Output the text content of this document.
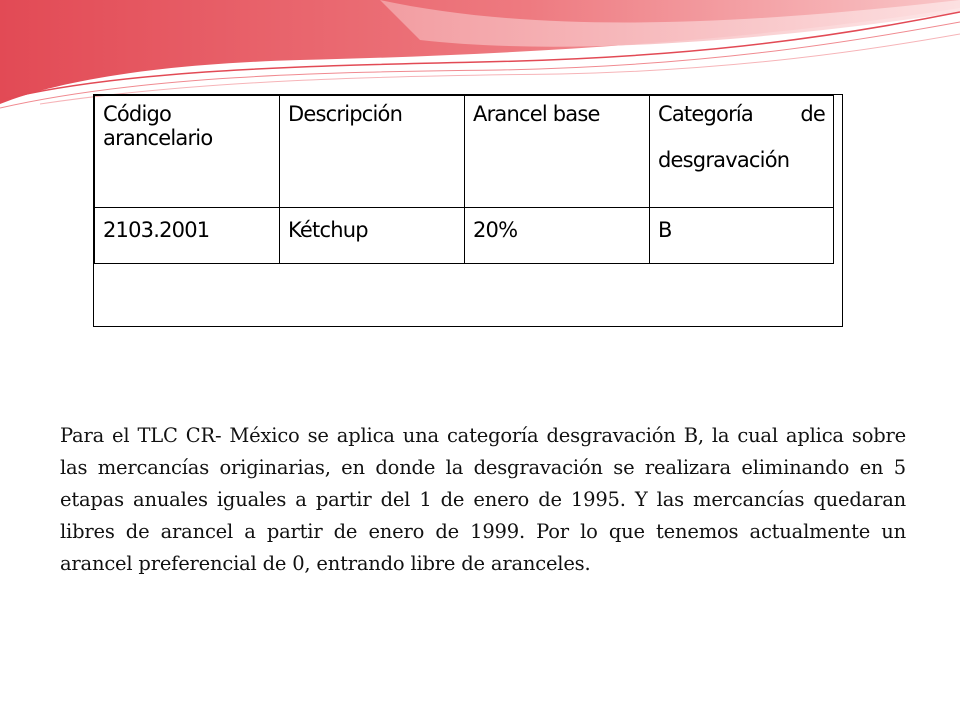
Código arancelario	Descripción	Arancel base	Categoría de
desgravación

2103.2001	Kétchup	20%	B
Para el TLC CR- México se aplica una categoría desgravación B, la cual aplica sobre las mercancías originarias, en donde la desgravación se realizara eliminando en 5 etapas anuales iguales a partir del 1 de enero de 1995. Y las mercancías quedaran libres de arancel a partir de enero de 1999. Por lo que tenemos actualmente un arancel preferencial de 0, entrando libre de aranceles.
